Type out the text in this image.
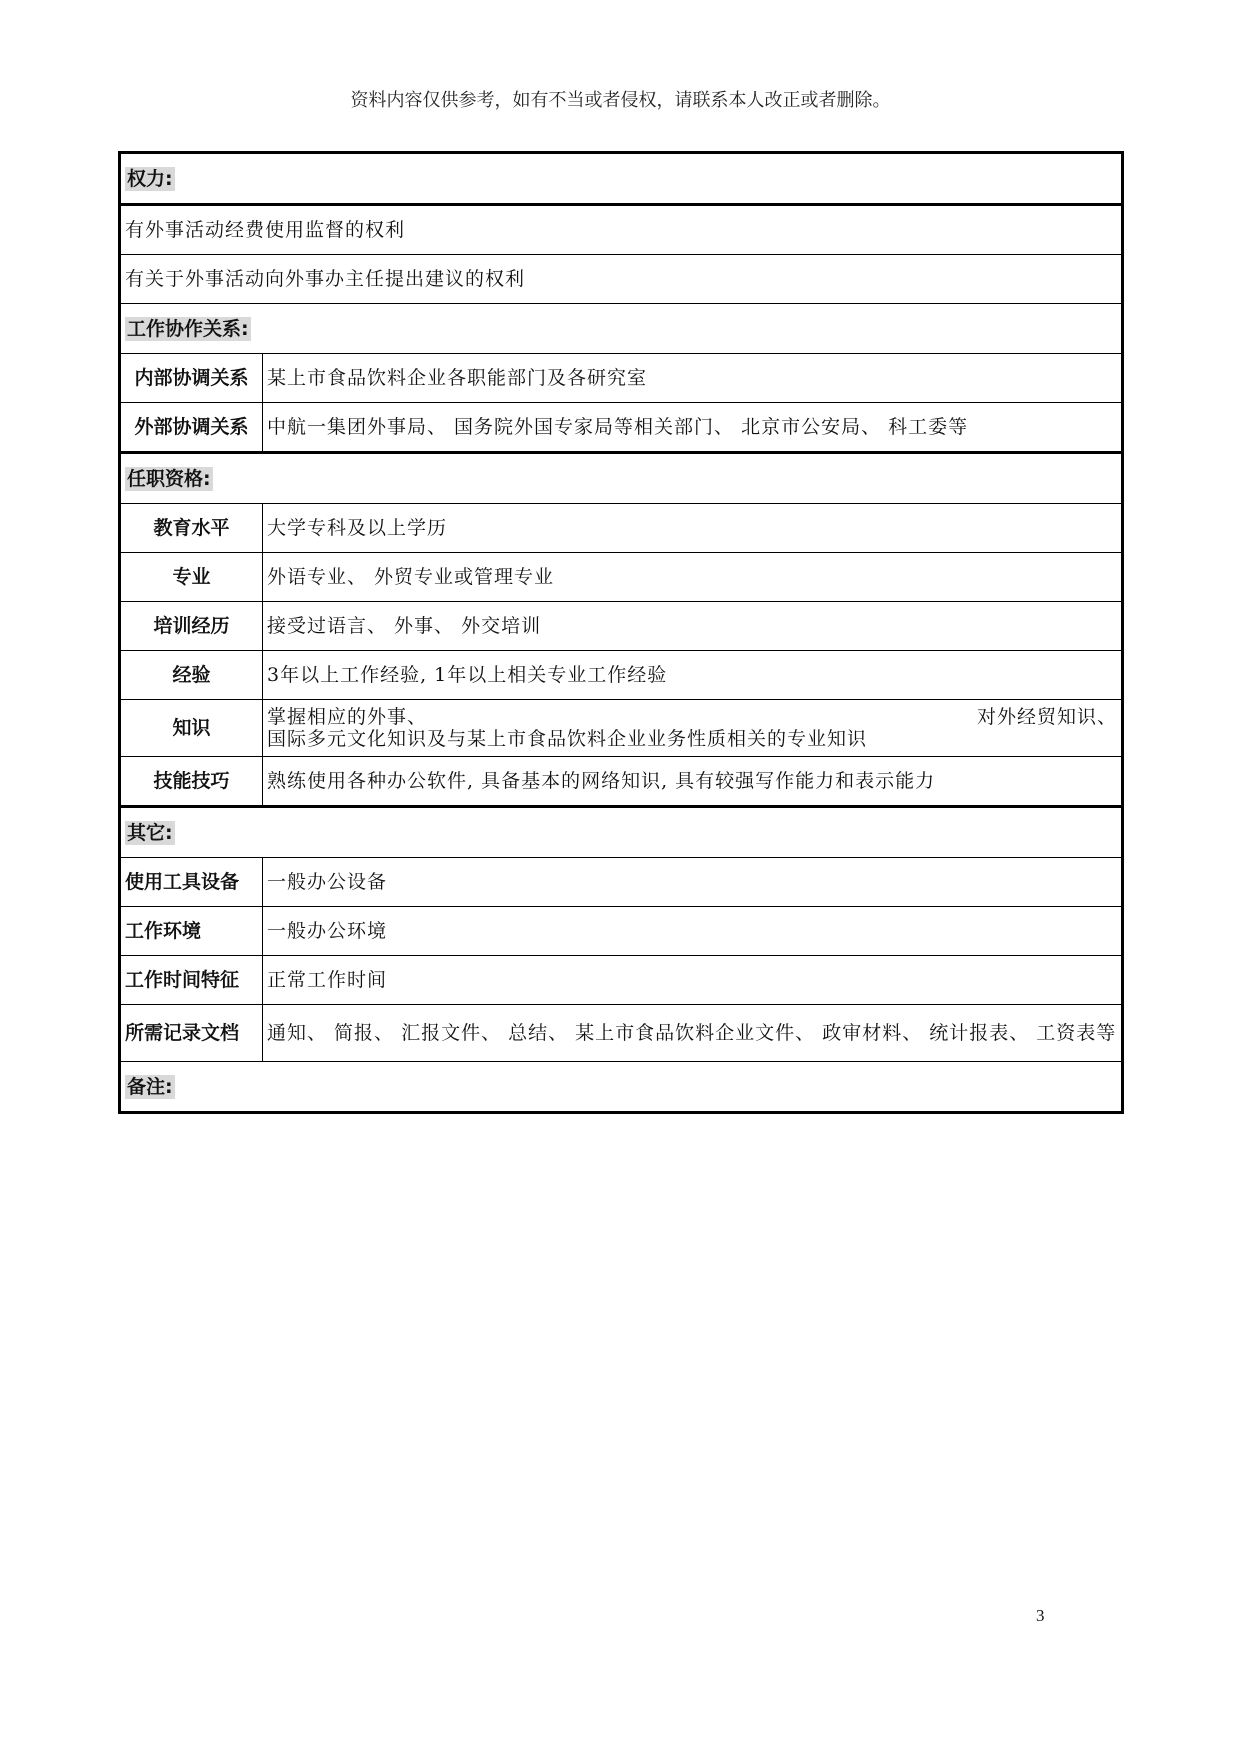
资料内容仅供参考，如有不当或者侵权，请联系本人改正或者删除。
权力:	
有外事活动经费使用监督的权利	
有关于外事活动向外事办主任提出建议的权利	
工作协作关系:	
内部协调关系	某上市食品饮料企业各职能部门及各研究室
外部协调关系	中航一集团外事局、 国务院外国专家局等相关部门、 北京市公安局、 科工委等
任职资格:	
教育水平	大学专科及以上学历
专业	外语专业、 外贸专业或管理专业
培训经历	接受过语言、 外事、 外交培训
经验	3年以上工作经验, 1年以上相关专业工作经验
知识	掌握相应的外事、 对外经贸知识、
国际多元文化知识及与某上市食品饮料企业业务性质相关的专业知识

技能技巧	熟练使用各种办公软件, 具备基本的网络知识, 具有较强写作能力和表示能力
其它:	
使用工具设备	一般办公设备
工作环境	一般办公环境
工作时间特征	正常工作时间
所需记录文档	通知、 简报、 汇报文件、 总结、 某上市食品饮料企业文件、 政审材料、 统计报表、 工资表等
备注:	
3
